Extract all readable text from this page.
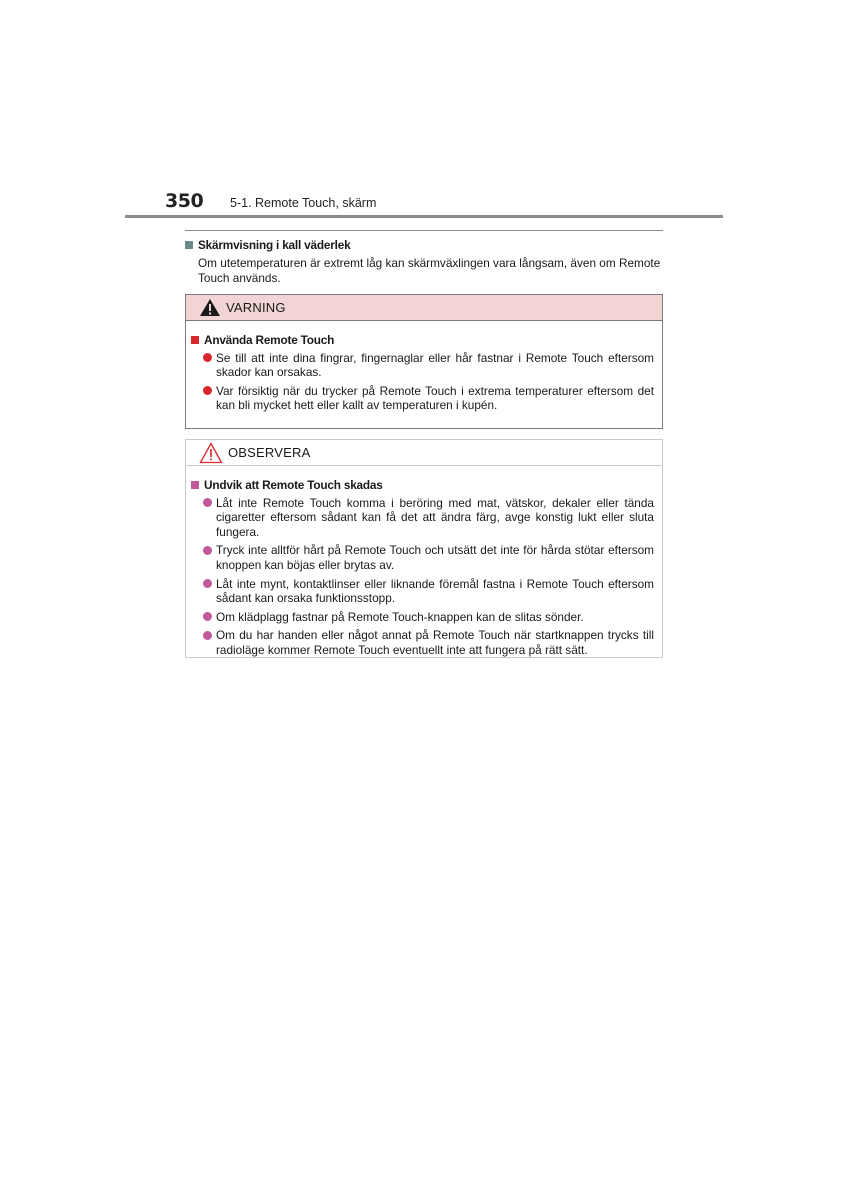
350 5-1. Remote Touch, skärm
Skärmvisning i kall väderlek
Om utetemperaturen är extremt låg kan skärmväxlingen vara långsam, även om Remote Touch används.
VARNING
Använda Remote Touch
Se till att inte dina fingrar, fingernaglar eller hår fastnar i Remote Touch eftersom skador kan orsakas.
Var försiktig när du trycker på Remote Touch i extrema temperaturer eftersom det kan bli mycket hett eller kallt av temperaturen i kupén.
OBSERVERA
Undvik att Remote Touch skadas
Låt inte Remote Touch komma i beröring med mat, vätskor, dekaler eller tända cigaretter eftersom sådant kan få det att ändra färg, avge konstig lukt eller sluta fungera.
Tryck inte alltför hårt på Remote Touch och utsätt det inte för hårda stötar eftersom knoppen kan böjas eller brytas av.
Låt inte mynt, kontaktlinser eller liknande föremål fastna i Remote Touch eftersom sådant kan orsaka funktionsstopp.
Om klädplagg fastnar på Remote Touch-knappen kan de slitas sönder.
Om du har handen eller något annat på Remote Touch när startknappen trycks till radioläge kommer Remote Touch eventuellt inte att fungera på rätt sätt.
